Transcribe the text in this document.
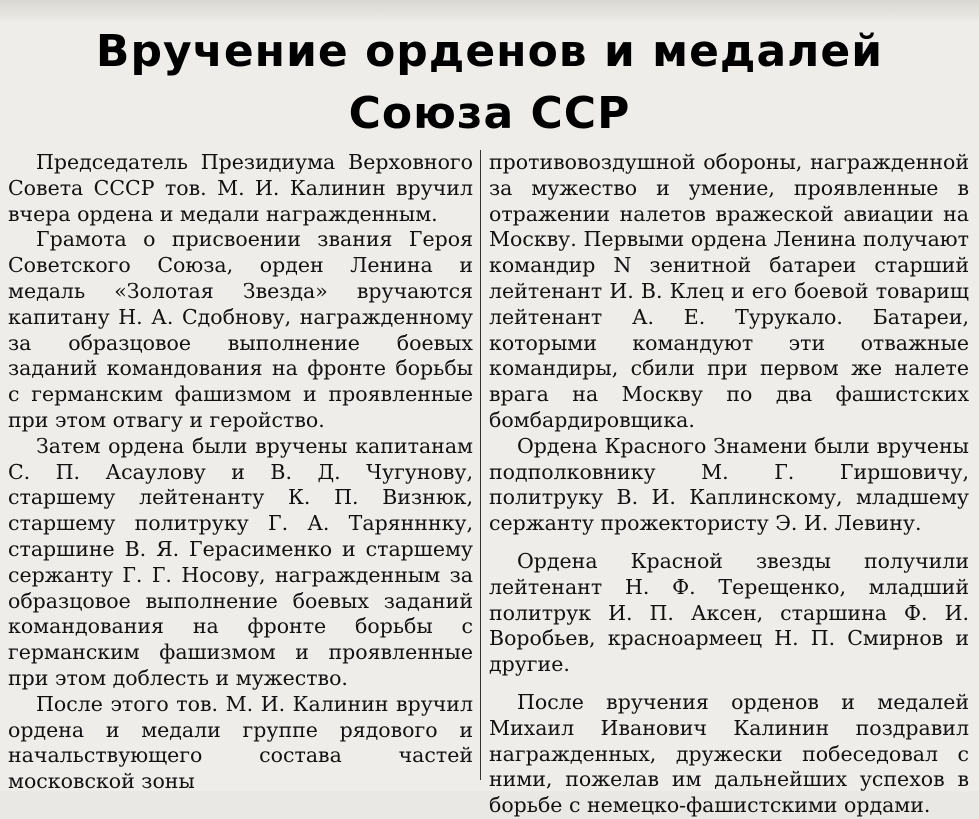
Вручение орденов и медалей
Союза ССР

Председатель Президиума Верховного Совета СССР тов. М. И. Калинин вручил вчера ордена и медали награжденным.

Грамота о присвоении звания Героя Советского Союза, орден Ленина и медаль «Золотая Звезда» вручаются капитану Н. А. Сдобнову, награжденному за образцовое выполнение боевых заданий командования на фронте борьбы с германским фашизмом и проявленные при этом отвагу и геройство.

Затем ордена были вручены капитанам С. П. Асаулову и В. Д. Чугунову, старшему лейтенанту К. П. Визнюк, старшему политруку Г. А. Тарянннку, старшине В. Я. Герасименко и старшему сержанту Г. Г. Носову, награжденным за образцовое выполнение боевых заданий командования на фронте борьбы с германским фашизмом и проявленные при этом доблесть и мужество.

После этого тов. М. И. Калинин вручил ордена и медали группе рядового и начальствующего состава частей московской зоны

противовоздушной обороны, награжденной за мужество и умение, проявленные в отражении налетов вражеской авиации на Москву. Первыми ордена Ленина получают командир N зенитной батареи старший лейтенант И. В. Клец и его боевой товарищ лейтенант А. Е. Турукало. Батареи, которыми командуют эти отважные командиры, сбили при первом же налете врага на Москву по два фашистских бомбардировщика.

Ордена Красного Знамени были вручены подполковнику М. Г. Гиршовичу, политруку В. И. Каплинскому, младшему сержанту прожектористу Э. И. Левину.

Ордена Красной звезды получили лейтенант Н. Ф. Терещенко, младший политрук И. П. Аксен, старшина Ф. И. Воробьев, красноармеец Н. П. Смирнов и другие.

После вручения орденов и медалей Михаил Иванович Калинин поздравил награжденных, дружески побеседовал с ними, пожелав им дальнейших успехов в борьбе с немецко-фашистскими ордами.
